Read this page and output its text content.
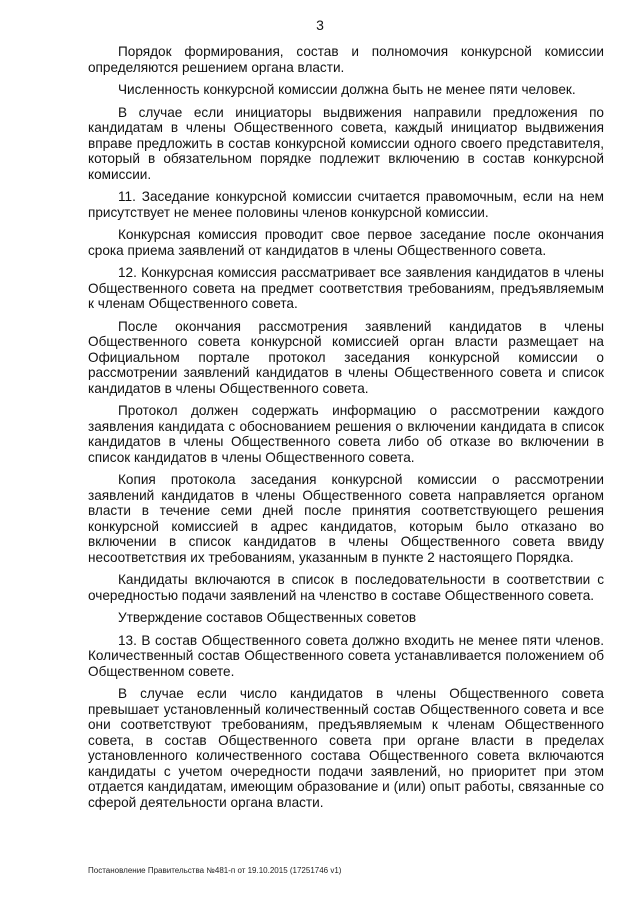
3

Порядок формирования, состав и полномочия конкурсной комиссии определяются решением органа власти.

Численность конкурсной комиссии должна быть не менее пяти человек.

В случае если инициаторы выдвижения направили предложения по кандидатам в члены Общественного совета, каждый инициатор выдвижения вправе предложить в состав конкурсной комиссии одного своего представителя, который в обязательном порядке подлежит включению в состав конкурсной комиссии.

11. Заседание конкурсной комиссии считается правомочным, если на нем присутствует не менее половины членов конкурсной комиссии.

Конкурсная комиссия проводит свое первое заседание после окончания срока приема заявлений от кандидатов в члены Общественного совета.

12. Конкурсная комиссия рассматривает все заявления кандидатов в члены Общественного совета на предмет соответствия требованиям, предъявляемым к членам Общественного совета.

После окончания рассмотрения заявлений кандидатов в члены Общественного совета конкурсной комиссией орган власти размещает на Официальном портале протокол заседания конкурсной комиссии о рассмотрении заявлений кандидатов в члены Общественного совета и список кандидатов в члены Общественного совета.

Протокол должен содержать информацию о рассмотрении каждого заявления кандидата с обоснованием решения о включении кандидата в список кандидатов в члены Общественного совета либо об отказе во включении в список кандидатов в члены Общественного совета.

Копия протокола заседания конкурсной комиссии о рассмотрении заявлений кандидатов в члены Общественного совета направляется органом власти в течение семи дней после принятия соответствующего решения конкурсной комиссией в адрес кандидатов, которым было отказано во включении в список кандидатов в члены Общественного совета ввиду несоответствия их требованиям, указанным в пункте 2 настоящего Порядка.

Кандидаты включаются в список в последовательности в соответствии с очередностью подачи заявлений на членство в составе Общественного совета.

Утверждение составов Общественных советов

13. В состав Общественного совета должно входить не менее пяти членов. Количественный состав Общественного совета устанавливается положением об Общественном совете.

В случае если число кандидатов в члены Общественного совета превышает установленный количественный состав Общественного совета и все они соответствуют требованиям, предъявляемым к членам Общественного совета, в состав Общественного совета при органе власти в пределах установленного количественного состава Общественного совета включаются кандидаты с учетом очередности подачи заявлений, но приоритет при этом отдается кандидатам, имеющим образование и (или) опыт работы, связанные со сферой деятельности органа власти.

Постановление Правительства №481-п от 19.10.2015 (17251746 v1)
